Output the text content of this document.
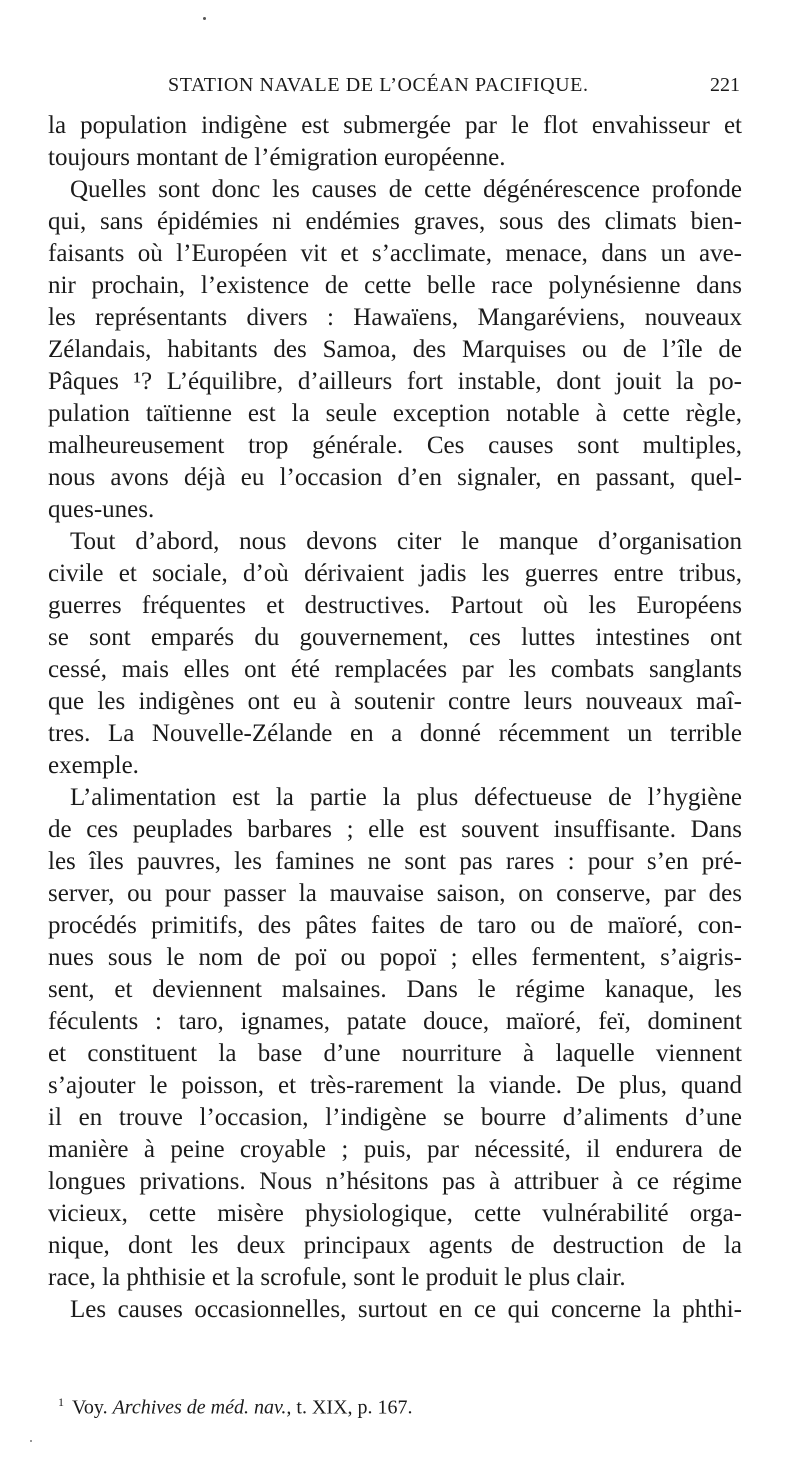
STATION NAVALE DE L’OCÉAN PACIFIQUE.	221
la population indigène est submergée par le flot envahisseur et
toujours montant de l’émigration européenne.
Quelles sont donc les causes de cette dégénérescence profonde
qui, sans épidémies ni endémies graves, sous des climats bien-
faisants où l’Européen vit et s’acclimate, menace, dans un ave-
nir prochain, l’existence de cette belle race polynésienne dans
les représentants divers : Hawaïens, Mangaréviens, nouveaux
Zélandais, habitants des Samoa, des Marquises ou de l’île de
Pâques ¹? L’équilibre, d’ailleurs fort instable, dont jouit la po-
pulation taïtienne est la seule exception notable à cette règle,
malheureusement trop générale. Ces causes sont multiples,
nous avons déjà eu l’occasion d’en signaler, en passant, quel-
ques-unes.
Tout d’abord, nous devons citer le manque d’organisation
civile et sociale, d’où dérivaient jadis les guerres entre tribus,
guerres fréquentes et destructives. Partout où les Européens
se sont emparés du gouvernement, ces luttes intestines ont
cessé, mais elles ont été remplacées par les combats sanglants
que les indigènes ont eu à soutenir contre leurs nouveaux maî-
tres. La Nouvelle-Zélande en a donné récemment un terrible
exemple.
L’alimentation est la partie la plus défectueuse de l’hygiène
de ces peuplades barbares ; elle est souvent insuffisante. Dans
les îles pauvres, les famines ne sont pas rares : pour s’en pré-
server, ou pour passer la mauvaise saison, on conserve, par des
procédés primitifs, des pâtes faites de taro ou de maïoré, con-
nues sous le nom de poï ou popoï ; elles fermentent, s’aigris-
sent, et deviennent malsaines. Dans le régime kanaque, les
féculents : taro, ignames, patate douce, maïoré, feï, dominent
et constituent la base d’une nourriture à laquelle viennent
s’ajouter le poisson, et très-rarement la viande. De plus, quand
il en trouve l’occasion, l’indigène se bourre d’aliments d’une
manière à peine croyable ; puis, par nécessité, il endurera de
longues privations. Nous n’hésitons pas à attribuer à ce régime
vicieux, cette misère physiologique, cette vulnérabilité orga-
nique, dont les deux principaux agents de destruction de la
race, la phthisie et la scrofule, sont le produit le plus clair.
Les causes occasionnelles, surtout en ce qui concerne la phthi-
$^1$ Voy. Archives de méd. nav., t. XIX, p. 167.
